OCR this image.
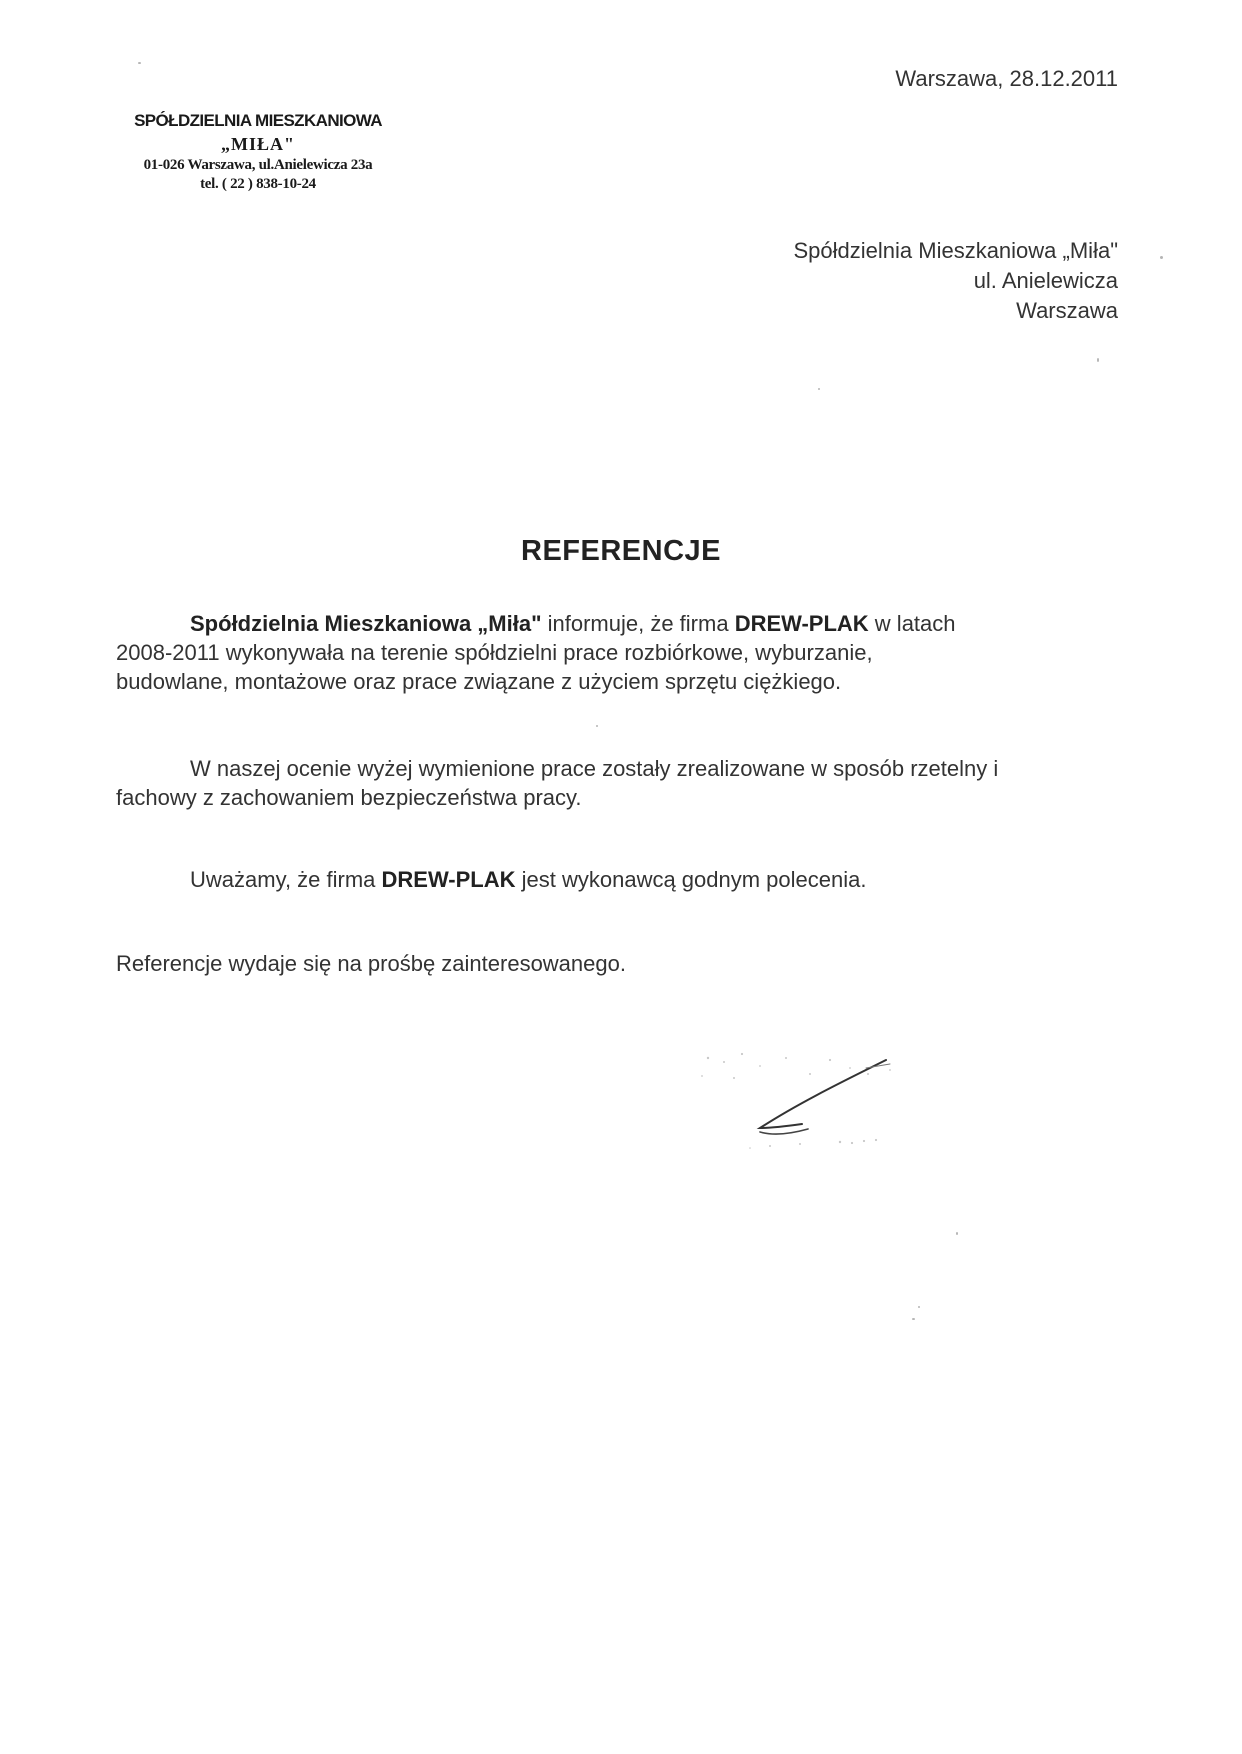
SPÓŁDZIELNIA MIESZKANIOWA
„MIŁA"
01-026 Warszawa, ul.Anielewicza 23a
tel. ( 22 ) 838-10-24
Warszawa, 28.12.2011
Spółdzielnia Mieszkaniowa „Miła"
ul. Anielewicza
Warszawa
REFERENCJE
Spółdzielnia Mieszkaniowa „Miła" informuje, że firma DREW-PLAK w latach
2008-2011 wykonywała na terenie spółdzielni prace rozbiórkowe, wyburzanie,
budowlane, montażowe oraz prace związane z użyciem sprzętu ciężkiego.
W naszej ocenie wyżej wymienione prace zostały zrealizowane w sposób rzetelny i
fachowy z zachowaniem bezpieczeństwa pracy.
Uważamy, że firma DREW-PLAK jest wykonawcą godnym polecenia.
Referencje wydaje się na prośbę zainteresowanego.
